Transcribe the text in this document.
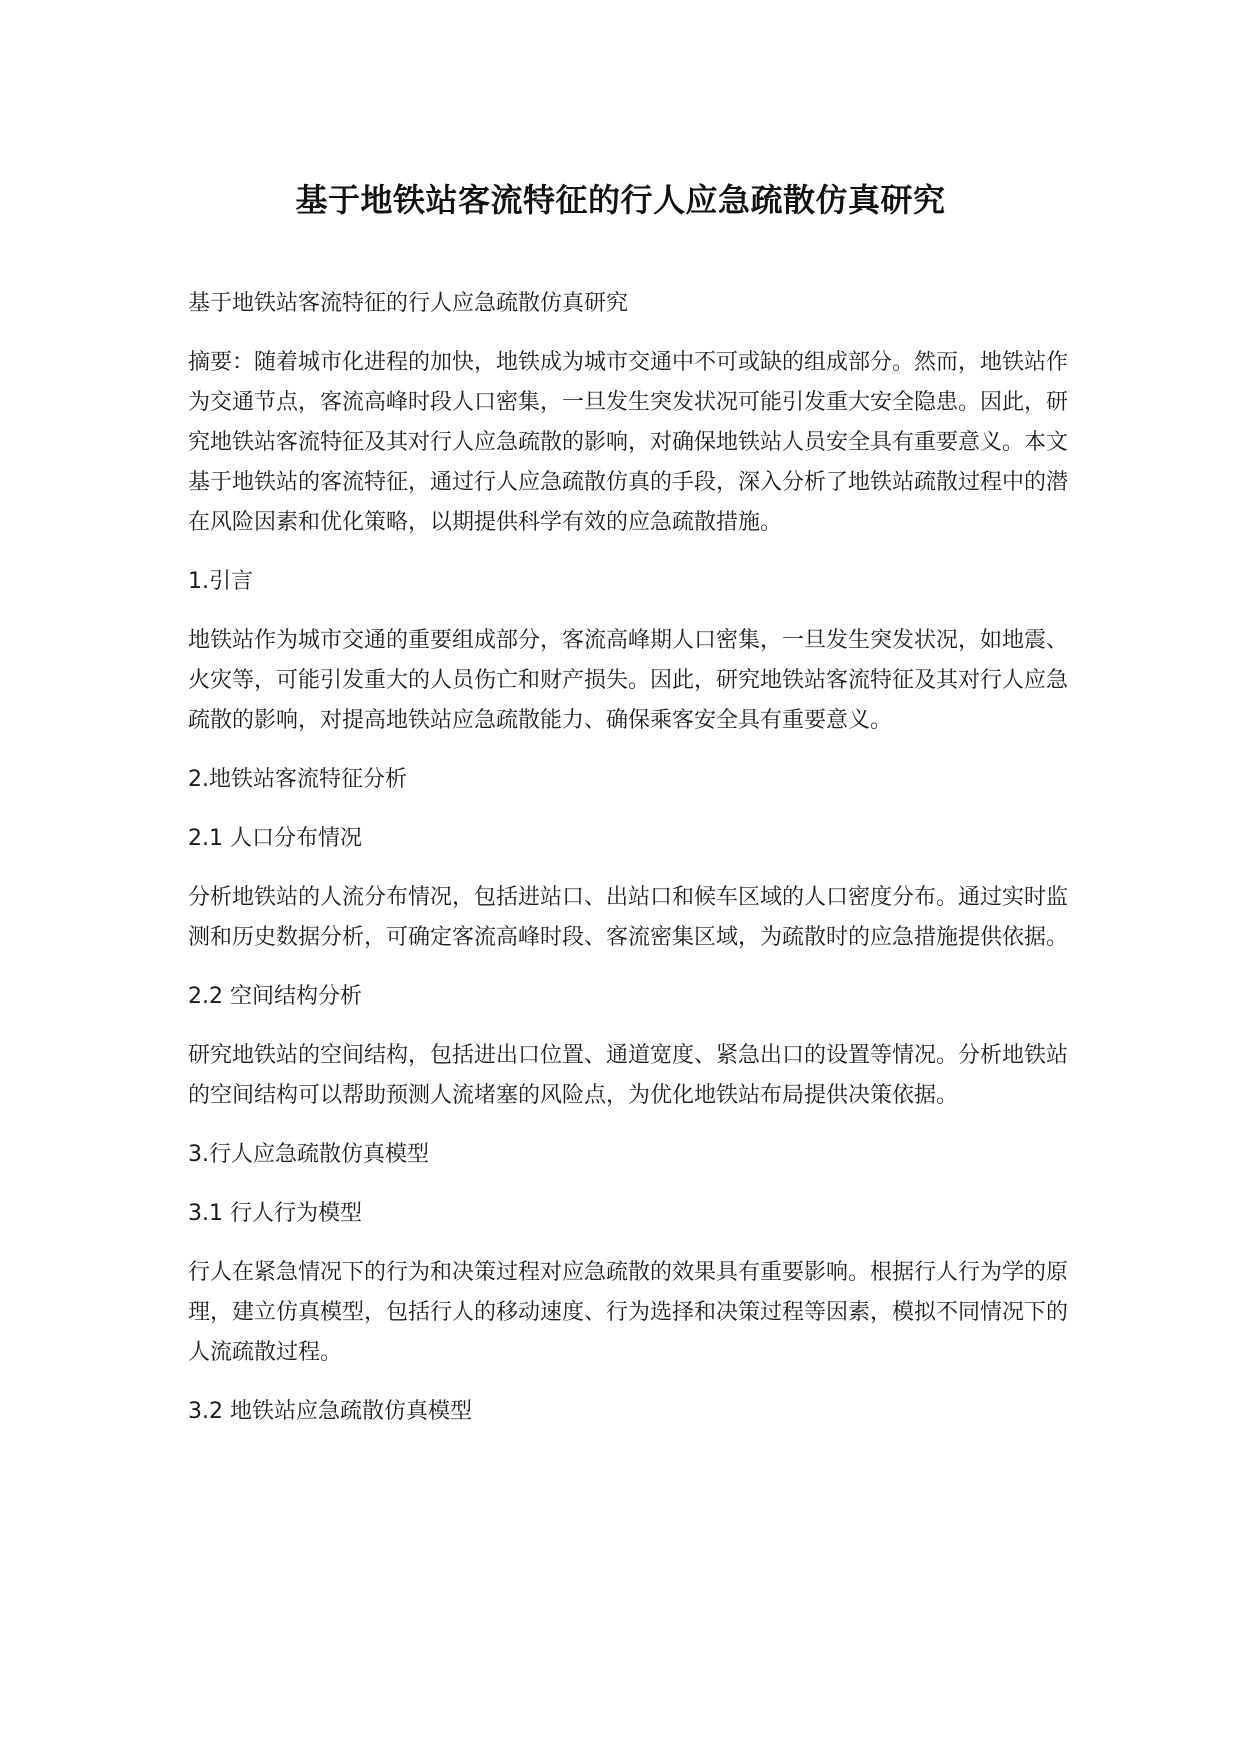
基于地铁站客流特征的行人应急疏散仿真研究

基于地铁站客流特征的行人应急疏散仿真研究

摘要：随着城市化进程的加快，地铁成为城市交通中不可或缺的组成部分。然而，地铁站作为交通节点，客流高峰时段人口密集，一旦发生突发状况可能引发重大安全隐患。因此，研究地铁站客流特征及其对行人应急疏散的影响，对确保地铁站人员安全具有重要意义。本文基于地铁站的客流特征，通过行人应急疏散仿真的手段，深入分析了地铁站疏散过程中的潜在风险因素和优化策略，以期提供科学有效的应急疏散措施。

1.引言

地铁站作为城市交通的重要组成部分，客流高峰期人口密集，一旦发生突发状况，如地震、火灾等，可能引发重大的人员伤亡和财产损失。因此，研究地铁站客流特征及其对行人应急疏散的影响，对提高地铁站应急疏散能力、确保乘客安全具有重要意义。

2.地铁站客流特征分析

2.1 人口分布情况

分析地铁站的人流分布情况，包括进站口、出站口和候车区域的人口密度分布。通过实时监测和历史数据分析，可确定客流高峰时段、客流密集区域，为疏散时的应急措施提供依据。

2.2 空间结构分析

研究地铁站的空间结构，包括进出口位置、通道宽度、紧急出口的设置等情况。分析地铁站的空间结构可以帮助预测人流堵塞的风险点，为优化地铁站布局提供决策依据。

3.行人应急疏散仿真模型

3.1 行人行为模型

行人在紧急情况下的行为和决策过程对应急疏散的效果具有重要影响。根据行人行为学的原理，建立仿真模型，包括行人的移动速度、行为选择和决策过程等因素，模拟不同情况下的人流疏散过程。

3.2 地铁站应急疏散仿真模型
